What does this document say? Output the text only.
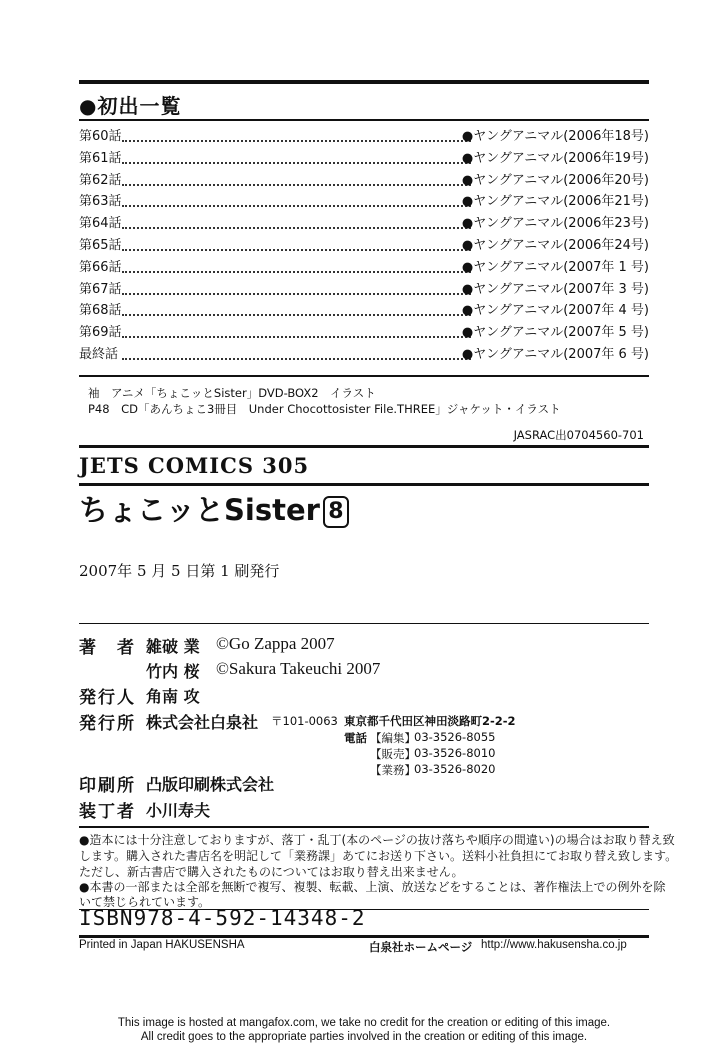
●初出一覧
第60話	●ヤングアニマル(2006年18号)
第61話	●ヤングアニマル(2006年19号)
第62話	●ヤングアニマル(2006年20号)
第63話	●ヤングアニマル(2006年21号)
第64話	●ヤングアニマル(2006年23号)
第65話	●ヤングアニマル(2006年24号)
第66話	●ヤングアニマル(2007年 1 号)
第67話	●ヤングアニマル(2007年 3 号)
第68話	●ヤングアニマル(2007年 4 号)
第69話	●ヤングアニマル(2007年 5 号)
最終話	●ヤングアニマル(2007年 6 号)
袖　アニメ「ちょこッとSister」DVD-BOX2　イラスト
P48　CD「あんちょこ3冊目　Under Chocottosister File.THREE」ジャケット・イラスト
JASRAC出0704560-701
JETS COMICS 305
ちょこッとSister 8
2007年 5 月 5 日第 1 刷発行
著　者 雑破 業 ©Go Zappa 2007
竹内 桜 ©Sakura Takeuchi 2007
発行人 角南 攻
発行所 株式会社白泉社 〒101-0063 東京都千代田区神田淡路町2-2-2
電話 【編集】
03-3526-8055
【販売】
03-3526-8010
【業務】
03-3526-8020
印刷所 凸版印刷株式会社
装丁者 小川寿夫
●造本には十分注意しておりますが、落丁・乱丁(本のページの抜け落ちや順序の間違い)の場合はお取り替え致
します。購入された書店名を明記して「業務課」あてにお送り下さい。送料小社負担にてお取り替え致します。
ただし、新古書店で購入されたものについてはお取り替え出来ません。
●本書の一部または全部を無断で複写、複製、転載、上演、放送などをすることは、著作権法上での例外を除
いて禁じられています。
ISBN978-4-592-14348-2
Printed in Japan HAKUSENSHA	白泉社ホームページ http://www.hakusensha.co.jp
This image is hosted at mangafox.com, we take no credit for the creation or editing of this image.
All credit goes to the appropriate parties involved in the creation or editing of this image.
